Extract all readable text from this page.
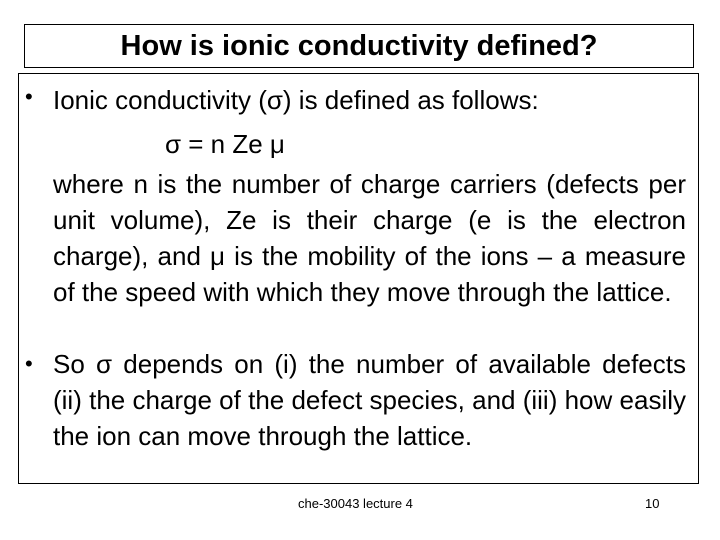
How is ionic conductivity defined?
• Ionic conductivity (σ) is defined as follows:
σ = n Ze μ

where n is the number of charge carriers (defects per unit volume), Ze is their charge (e is the electron charge), and μ is the mobility of the ions – a measure of the speed with which they move through the lattice.

• So σ depends on (i) the number of available defects (ii) the charge of the defect species, and (iii) how easily the ion can move through the lattice.

che-30043 lecture 4	10
